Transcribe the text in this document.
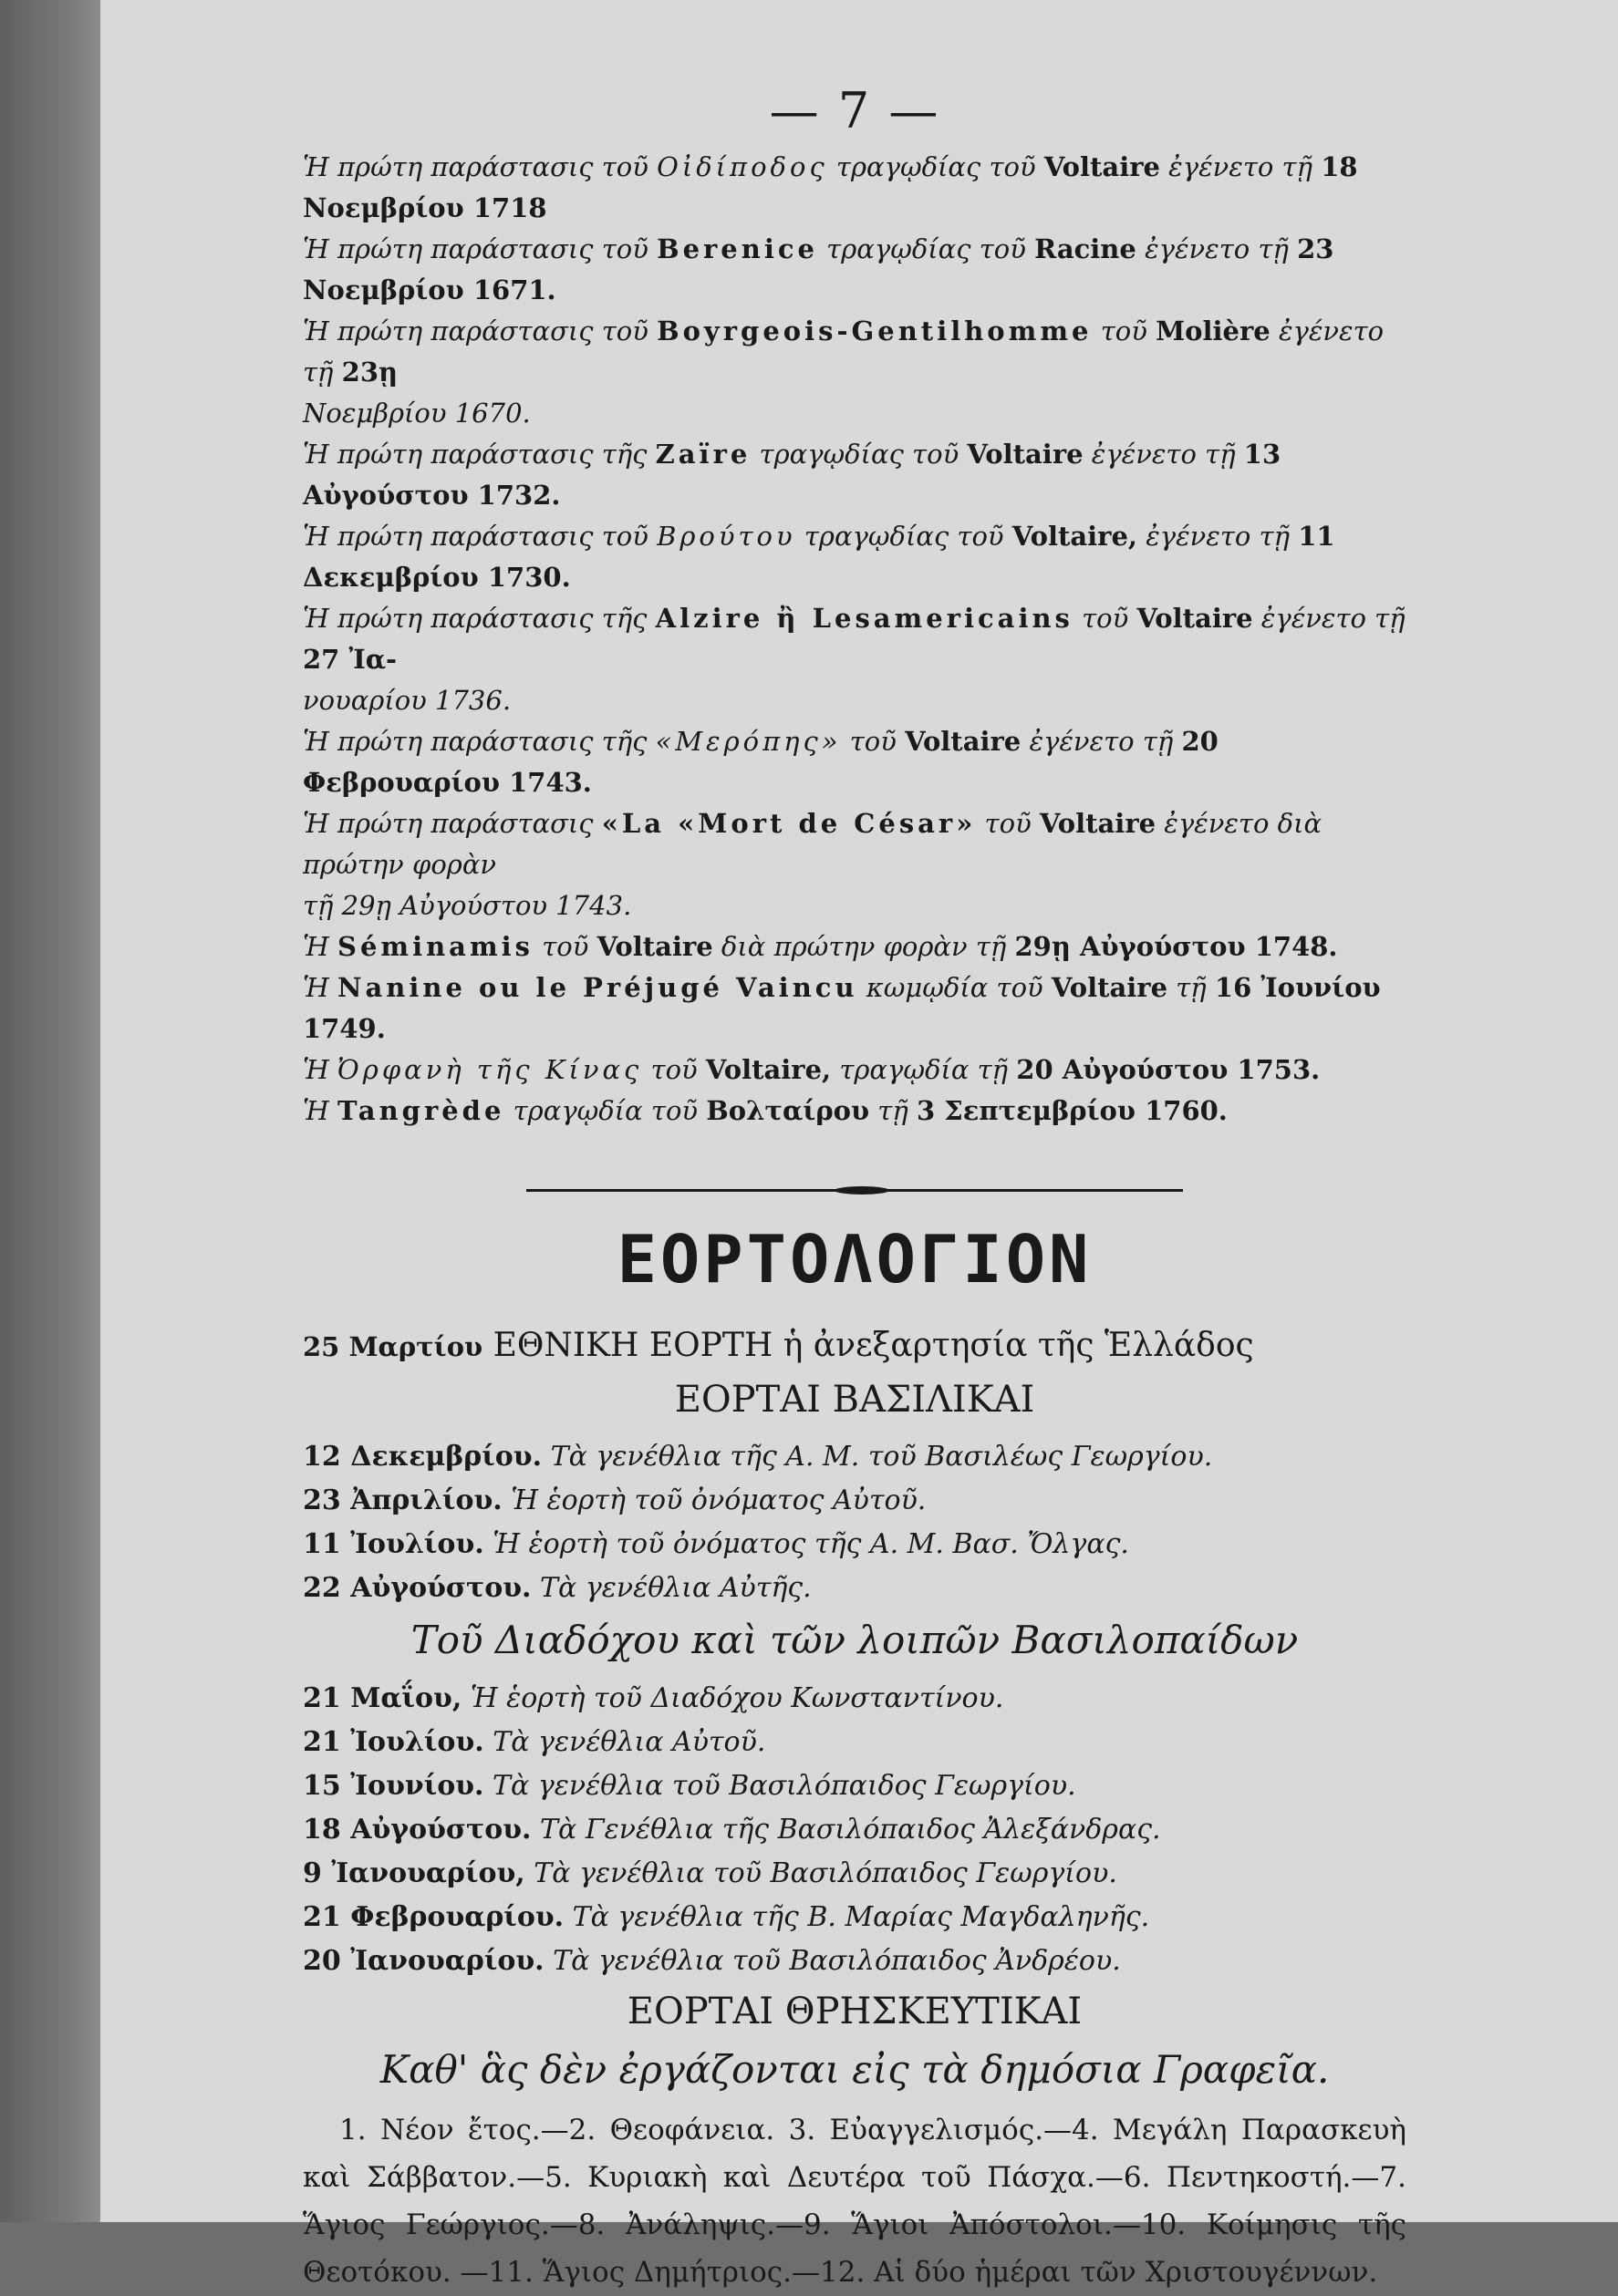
— 7 —
Ἡ πρώτη παράστασις τοῦ Οἰδίποδος τραγῳδίας τοῦ Voltaire ἐγένετο τῇ 18 Νοεμβρίου 1718
Ἡ πρώτη παράστασις τοῦ Berenice τραγῳδίας τοῦ Racine ἐγένετο τῇ 23 Νοεμβρίου 1671.
Ἡ πρώτη παράστασις τοῦ Boyrgeois-Gentilhomme τοῦ Molière ἐγένετο τῇ 23ῃ
Νοεμβρίου 1670.
Ἡ πρώτη παράστασις τῆς Zaïre τραγῳδίας τοῦ Voltaire ἐγένετο τῇ 13 Αὐγούστου 1732.
Ἡ πρώτη παράστασις τοῦ Βρούτου τραγῳδίας τοῦ Voltaire, ἐγένετο τῇ 11 Δεκεμβρίου 1730.
Ἡ πρώτη παράστασις τῆς Alzire ἢ Lesamericains τοῦ Voltaire ἐγένετο τῇ 27 Ἰα-
νουαρίου 1736.
Ἡ πρώτη παράστασις τῆς «Μερόπης» τοῦ Voltaire ἐγένετο τῇ 20 Φεβρουαρίου 1743.
Ἡ πρώτη παράστασις «La «Mort de César» τοῦ Voltaire ἐγένετο διὰ πρώτην φορὰν
τῇ 29ῃ Αὐγούστου 1743.
Ἡ Séminamis τοῦ Voltaire διὰ πρώτην φορὰν τῇ 29ῃ Αὐγούστου 1748.
Ἡ Nanine ou le Préjugé Vaincu κωμῳδία τοῦ Voltaire τῇ 16 Ἰουνίου 1749.
Ἡ Ὀρφανὴ τῆς Κίνας τοῦ Voltaire, τραγῳδία τῇ 20 Αὐγούστου 1753.
Ἡ Tangrède τραγῳδία τοῦ Βολταίρου τῇ 3 Σεπτεμβρίου 1760.
ΕΟΡΤΟΛΟΓΙΟΝ
25 Μαρτίου ΕΘΝΙΚΗ ΕΟΡΤΗ ἡ ἀνεξαρτησία τῆς Ἑλλάδος
ΕΟΡΤΑΙ ΒΑΣΙΛΙΚΑΙ
12 Δεκεμβρίου. Τὰ γενέθλια τῆς Α. Μ. τοῦ Βασιλέως Γεωργίου.
23 Ἀπριλίου. Ἡ ἑορτὴ τοῦ ὀνόματος Αὐτοῦ.
11 Ἰουλίου. Ἡ ἑορτὴ τοῦ ὀνόματος τῆς Α. Μ. Βασ. Ὄλγας.
22 Αὐγούστου. Τὰ γενέθλια Αὐτῆς.
Τοῦ Διαδόχου καὶ τῶν λοιπῶν Βασιλοπαίδων
21 Μαΐου, Ἡ ἑορτὴ τοῦ Διαδόχου Κωνσταντίνου.
21 Ἰουλίου. Τὰ γενέθλια Αὐτοῦ.
15 Ἰουνίου. Τὰ γενέθλια τοῦ Βασιλόπαιδος Γεωργίου.
18 Αὐγούστου. Τὰ Γενέθλια τῆς Βασιλόπαιδος Ἀλεξάνδρας.
9 Ἰανουαρίου, Τὰ γενέθλια τοῦ Βασιλόπαιδος Γεωργίου.
21 Φεβρουαρίου. Τὰ γενέθλια τῆς Β. Μαρίας Μαγδαληνῆς.
20 Ἰανουαρίου. Τὰ γενέθλια τοῦ Βασιλόπαιδος Ἀνδρέου.
ΕΟΡΤΑΙ ΘΡΗΣΚΕΥΤΙΚΑΙ
Καθ' ἃς δὲν ἐργάζονται εἰς τὰ δημόσια Γραφεῖα.

1. Νέον ἔτος.—2. Θεοφάνεια. 3. Εὐαγγελισμός.—4. Μεγάλη Παρασκευὴ καὶ Σάββατον.—5. Κυριακὴ καὶ Δευτέρα τοῦ Πάσχα.—6. Πεντηκοστή.—7. Ἅγιος Γεώργιος.—8. Ἀνάληψις.—9. Ἅγιοι Ἀπόστολοι.—10. Κοίμησις τῆς Θεοτόκου. —11. Ἅγιος Δημήτριος.—12. Αἱ δύο ἡμέραι τῶν Χριστουγέννων.
